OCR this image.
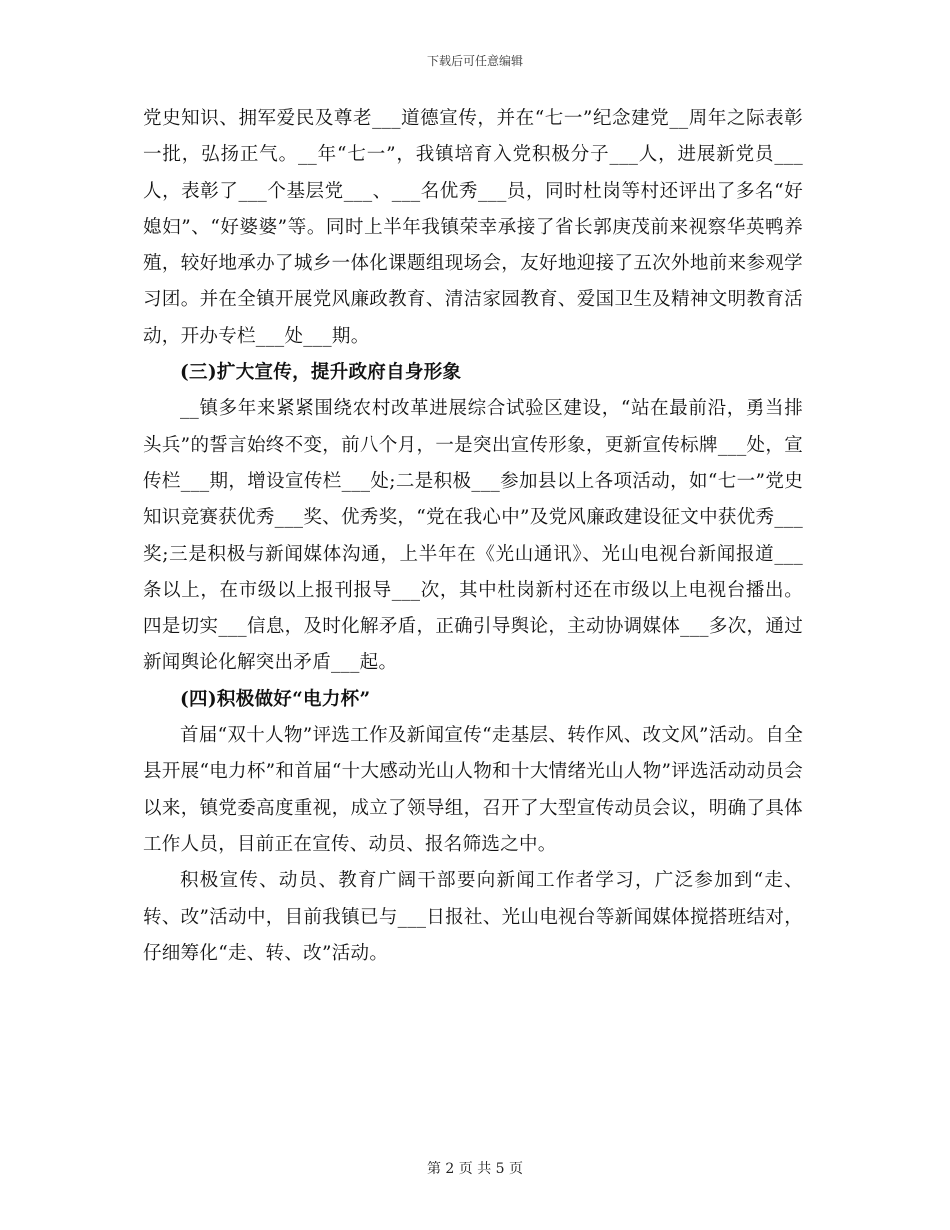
下载后可任意编辑

党史知识、拥军爱民及尊老___道德宣传，并在“七一”纪念建党__周年之际表彰一批，弘扬正气。__年“七一”，我镇培育入党积极分子___人，进展新党员___人，表彰了___个基层党___、___名优秀___员，同时杜岗等村还评出了多名“好媳妇”、“好婆婆”等。同时上半年我镇荣幸承接了省长郭庚茂前来视察华英鸭养殖，较好地承办了城乡一体化课题组现场会，友好地迎接了五次外地前来参观学习团。并在全镇开展党风廉政教育、清洁家园教育、爱国卫生及精神文明教育活动，开办专栏___处___期。

(三)扩大宣传，提升政府自身形象

__镇多年来紧紧围绕农村改革进展综合试验区建设，“站在最前沿，勇当排头兵”的誓言始终不变，前八个月，一是突出宣传形象，更新宣传标牌___处，宣传栏___期，增设宣传栏___处;二是积极___参加县以上各项活动，如“七一”党史知识竞赛获优秀___奖、优秀奖，“党在我心中”及党风廉政建设征文中获优秀___奖;三是积极与新闻媒体沟通，上半年在《光山通讯》、光山电视台新闻报道___条以上，在市级以上报刊报导___次，其中杜岗新村还在市级以上电视台播出。四是切实___信息，及时化解矛盾，正确引导舆论，主动协调媒体___多次，通过新闻舆论化解突出矛盾___起。

(四)积极做好“电力杯”

首届“双十人物”评选工作及新闻宣传“走基层、转作风、改文风”活动。自全县开展“电力杯”和首届“十大感动光山人物和十大情绪光山人物”评选活动动员会以来，镇党委高度重视，成立了领导组，召开了大型宣传动员会议，明确了具体工作人员，目前正在宣传、动员、报名筛选之中。

积极宣传、动员、教育广阔干部要向新闻工作者学习，广泛参加到“走、转、改”活动中，目前我镇已与___日报社、光山电视台等新闻媒体搅搭班结对，仔细筹化“走、转、改”活动。

第 2 页 共 5 页
